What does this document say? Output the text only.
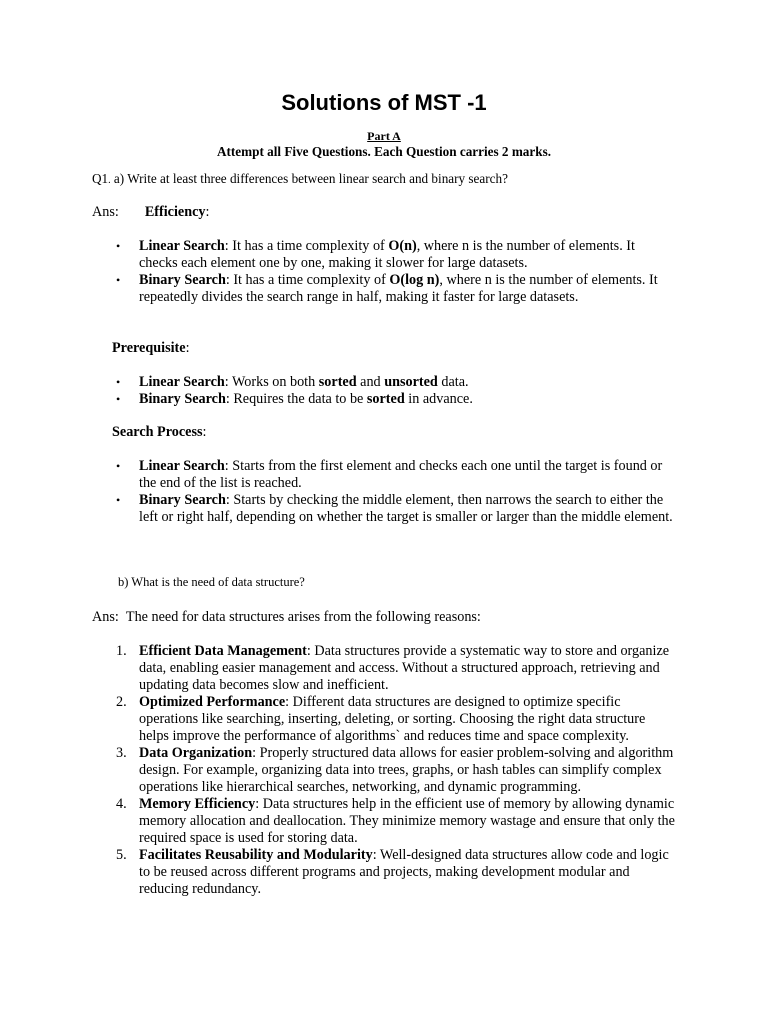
Solutions of MST -1
Part A
Attempt all Five Questions. Each Question carries 2 marks.
Q1. a) Write at least three differences between linear search and binary search?
Ans: Efficiency:
• Linear Search: It has a time complexity of O(n), where n is the number of elements. It checks each element one by one, making it slower for large datasets.
• Binary Search: It has a time complexity of O(log n), where n is the number of elements. It repeatedly divides the search range in half, making it faster for large datasets.
Prerequisite:
• Linear Search: Works on both sorted and unsorted data.
• Binary Search: Requires the data to be sorted in advance.
Search Process:
• Linear Search: Starts from the first element and checks each one until the target is found or the end of the list is reached.
• Binary Search: Starts by checking the middle element, then narrows the search to either the left or right half, depending on whether the target is smaller or larger than the middle element.
b) What is the need of data structure?
Ans: The need for data structures arises from the following reasons:
1. Efficient Data Management: Data structures provide a systematic way to store and organize data, enabling easier management and access. Without a structured approach, retrieving and updating data becomes slow and inefficient.
2. Optimized Performance: Different data structures are designed to optimize specific operations like searching, inserting, deleting, or sorting. Choosing the right data structure helps improve the performance of algorithms` and reduces time and space complexity.
3. Data Organization: Properly structured data allows for easier problem-solving and algorithm design. For example, organizing data into trees, graphs, or hash tables can simplify complex operations like hierarchical searches, networking, and dynamic programming.
4. Memory Efficiency: Data structures help in the efficient use of memory by allowing dynamic memory allocation and deallocation. They minimize memory wastage and ensure that only the required space is used for storing data.
5. Facilitates Reusability and Modularity: Well-designed data structures allow code and logic to be reused across different programs and projects, making development modular and reducing redundancy.
